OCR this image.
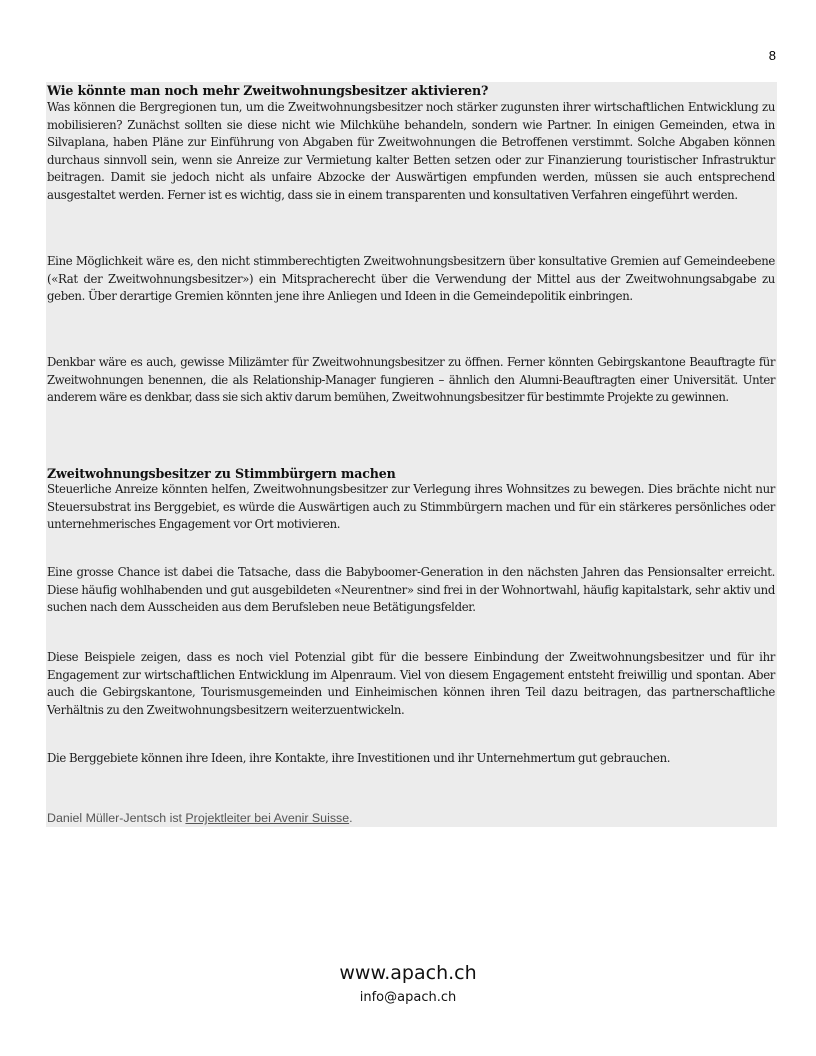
8
Wie könnte man noch mehr Zweitwohnungsbesitzer aktivieren?
Was können die Bergregionen tun, um die Zweitwohnungsbesitzer noch stärker zugunsten ihrer wirtschaftlichen Entwicklung zu mobilisieren? Zunächst sollten sie diese nicht wie Milchkühe behandeln, sondern wie Partner. In einigen Gemeinden, etwa in Silvaplana, haben Pläne zur Einführung von Abgaben für Zweitwohnungen die Betroffenen verstimmt. Solche Abgaben können durchaus sinnvoll sein, wenn sie Anreize zur Vermietung kalter Betten setzen oder zur Finanzierung touristischer Infrastruktur beitragen. Damit sie jedoch nicht als unfaire Abzocke der Auswärtigen empfunden werden, müssen sie auch entsprechend ausgestaltet werden. Ferner ist es wichtig, dass sie in einem transparenten und konsultativen Verfahren eingeführt werden.
Eine Möglichkeit wäre es, den nicht stimmberechtigten Zweitwohnungsbesitzern über konsultative Gremien auf Gemeindeebene («Rat der Zweitwohnungsbesitzer») ein Mitspracherecht über die Verwendung der Mittel aus der Zweitwohnungsabgabe zu geben. Über derartige Gremien könnten jene ihre Anliegen und Ideen in die Gemeindepolitik einbringen.
Denkbar wäre es auch, gewisse Milizämter für Zweitwohnungsbesitzer zu öffnen. Ferner könnten Gebirgskantone Beauftragte für Zweitwohnungen benennen, die als Relationship-Manager fungieren – ähnlich den Alumni-Beauftragten einer Universität. Unter anderem wäre es denkbar, dass sie sich aktiv darum bemühen, Zweitwohnungsbesitzer für bestimmte Projekte zu gewinnen.
Zweitwohnungsbesitzer zu Stimmbürgern machen
Steuerliche Anreize könnten helfen, Zweitwohnungsbesitzer zur Verlegung ihres Wohnsitzes zu bewegen. Dies brächte nicht nur Steuersubstrat ins Berggebiet, es würde die Auswärtigen auch zu Stimmbürgern machen und für ein stärkeres persönliches oder unternehmerisches Engagement vor Ort motivieren.
Eine grosse Chance ist dabei die Tatsache, dass die Babyboomer-Generation in den nächsten Jahren das Pensionsalter erreicht. Diese häufig wohlhabenden und gut ausgebildeten «Neurentner» sind frei in der Wohnortwahl, häufig kapitalstark, sehr aktiv und suchen nach dem Ausscheiden aus dem Berufsleben neue Betätigungsfelder.
Diese Beispiele zeigen, dass es noch viel Potenzial gibt für die bessere Einbindung der Zweitwohnungsbesitzer und für ihr Engagement zur wirtschaftlichen Entwicklung im Alpenraum. Viel von diesem Engagement entsteht freiwillig und spontan. Aber auch die Gebirgskantone, Tourismusgemeinden und Einheimischen können ihren Teil dazu beitragen, das partnerschaftliche Verhältnis zu den Zweitwohnungsbesitzern weiterzuentwickeln.
Die Berggebiete können ihre Ideen, ihre Kontakte, ihre Investitionen und ihr Unternehmertum gut gebrauchen.
Daniel Müller-Jentsch ist Projektleiter bei Avenir Suisse.
www.apach.ch
info@apach.ch
